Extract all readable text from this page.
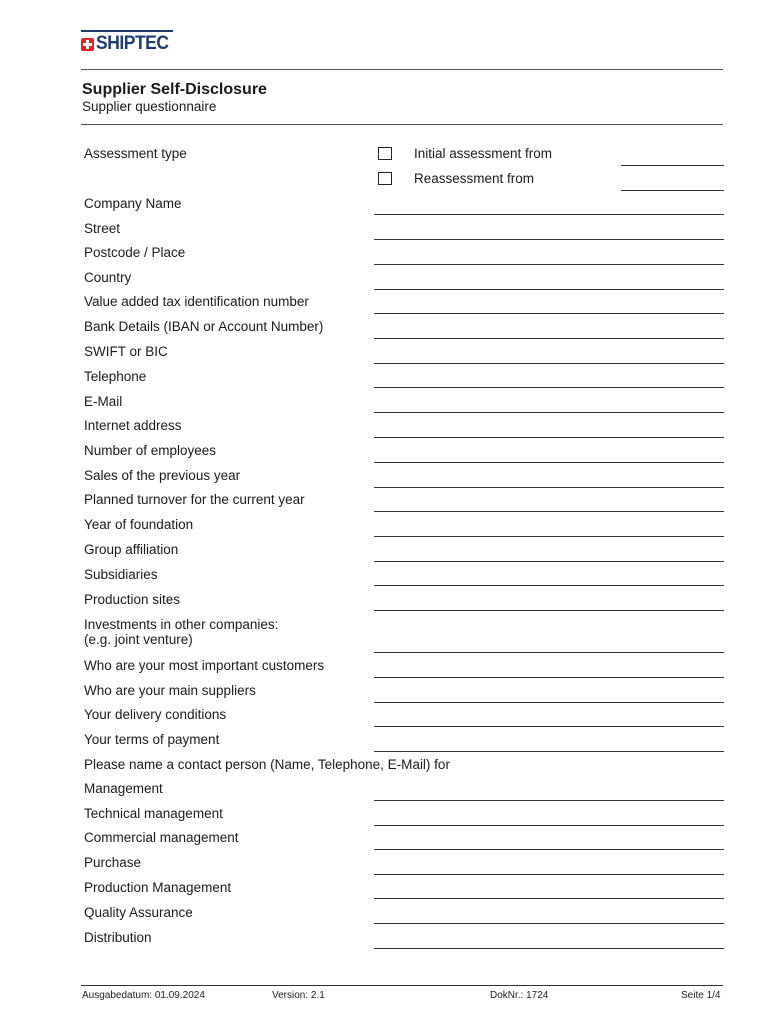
SHIPTEC
Supplier Self-Disclosure
Supplier questionnaire
Assessment type	Initial assessment from
Reassessment from
Company Name
Street
Postcode / Place
Country
Value added tax identification number
Bank Details (IBAN or Account Number)
SWIFT or BIC
Telephone
E-Mail
Internet address
Number of employees
Sales of the previous year
Planned turnover for the current year
Year of foundation
Group affiliation
Subsidiaries
Production sites
Investments in other companies:
(e.g. joint venture)
Who are your most important customers
Who are your main suppliers
Your delivery conditions
Your terms of payment
Please name a contact person (Name, Telephone, E-Mail) for
Management
Technical management
Commercial management
Purchase
Production Management
Quality Assurance
Distribution
Ausgabedatum: 01.09.2024	Version: 2.1	DokNr.: 1724	Seite 1/4
